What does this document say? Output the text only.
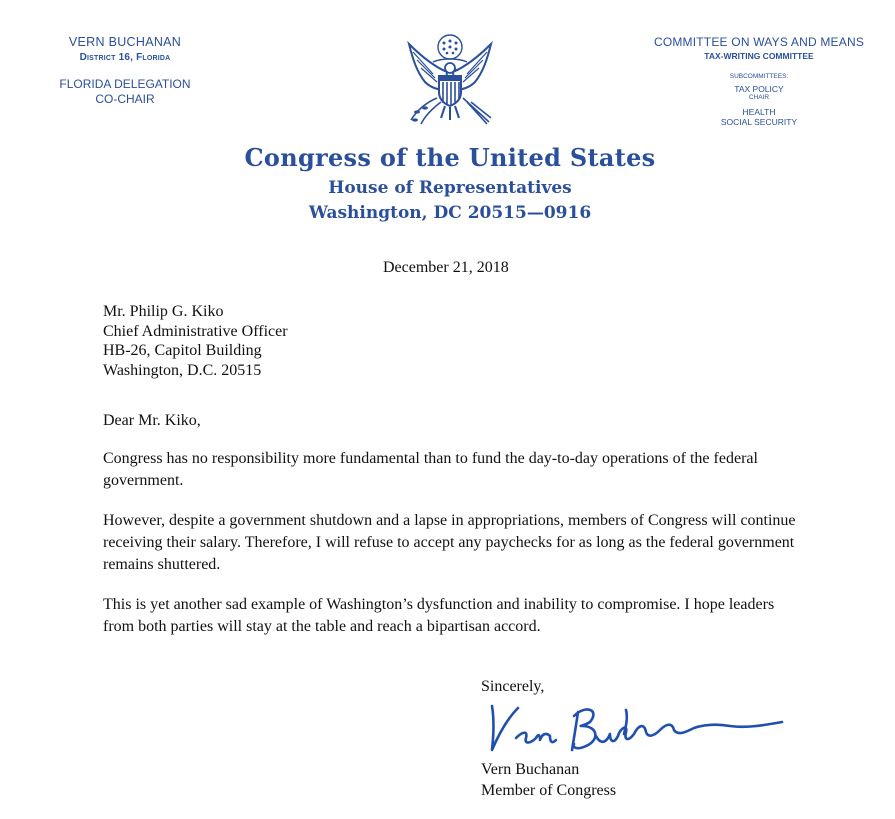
VERN BUCHANAN
District 16, Florida
FLORIDA DELEGATION
CO-CHAIR
COMMITTEE ON WAYS AND MEANS
TAX-WRITING COMMITTEE
SUBCOMMITTEES:
TAX POLICY
CHAIR
HEALTH
SOCIAL SECURITY
Congress of the United States
House of Representatives
Washington, DC 20515—0916
December 21, 2018
Mr. Philip G. Kiko
Chief Administrative Officer
HB-26, Capitol Building
Washington, D.C. 20515
Dear Mr. Kiko,
Congress has no responsibility more fundamental than to fund the day-to-day operations of the federal government.
However, despite a government shutdown and a lapse in appropriations, members of Congress will continue receiving their salary. Therefore, I will refuse to accept any paychecks for as long as the federal government remains shuttered.
This is yet another sad example of Washington’s dysfunction and inability to compromise. I hope leaders from both parties will stay at the table and reach a bipartisan accord.
Sincerely,
Vern Buchanan
Member of Congress
